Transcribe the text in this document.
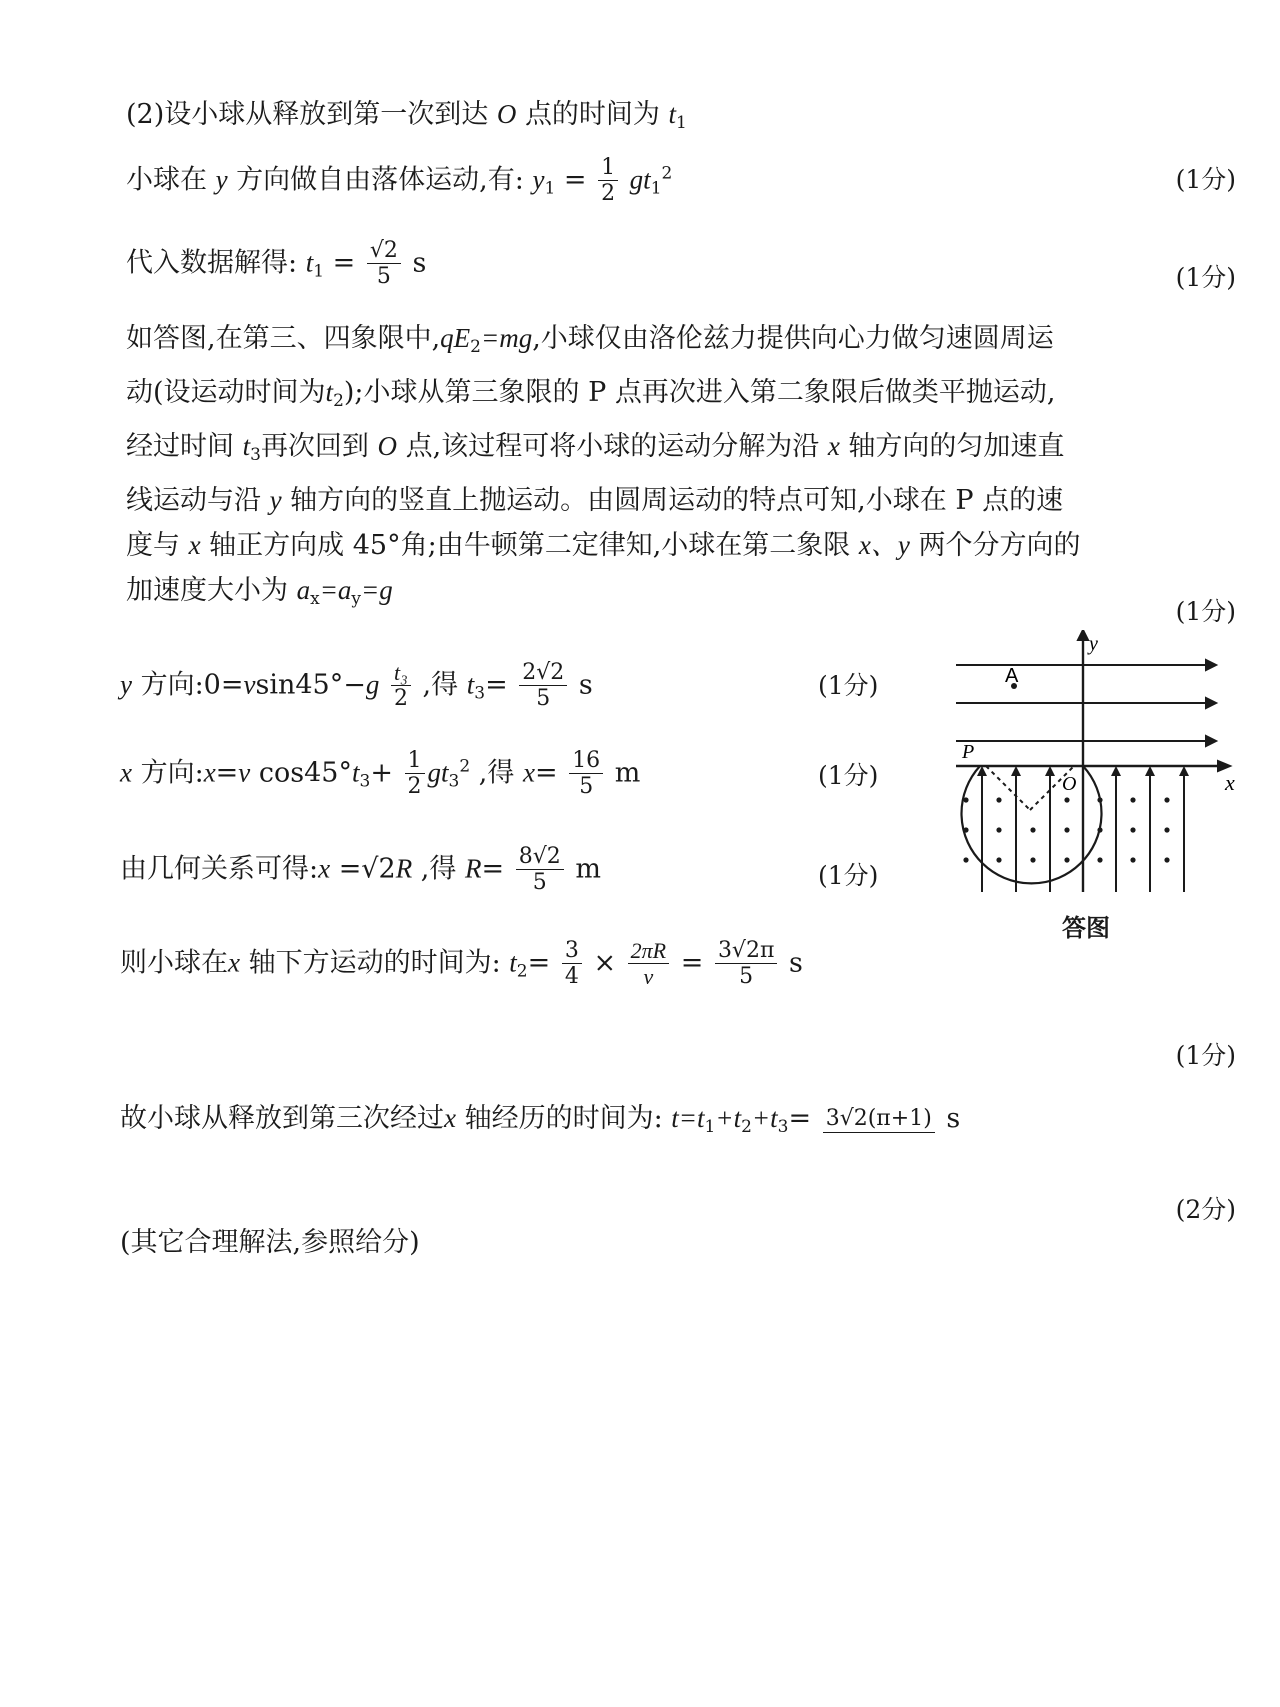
(2)设小球从释放到第一次到达 O 点的时间为 $t_1$
小球在 y 方向做自由落体运动,有: $y_1 = \frac{1}{2} gt_1^2$	(1分)
代入数据解得: $t_1 = \frac{√2}{5}$ s	(1分)
如答图,在第三、四象限中$,qE_2=mg$,小球仅由洛伦兹力提供向心力做匀速圆周运
动(设运动时间为$t_2$);小球从第三象限的 P 点再次进入第二象限后做类平抛运动,
经过时间 $t_3$再次回到 O 点,该过程可将小球的运动分解为沿 x 轴方向的匀加速直
线运动与沿 y 轴方向的竖直上抛运动。由圆周运动的特点可知,小球在 P 点的速
度与 x 轴正方向成 45°角;由牛顿第二定律知,小球在第二象限 x、y 两个分方向的
加速度大小为 $a_x=a_y=g$
(1分)
y 方向:0=vsin45°−g $\frac{\text{t₃}}{2}$ ,得 $t_3= \frac{2√2}{5}$ s	(1分)
x 方向:x=v $\cos 45^\circ t_3+ \frac{1}{2} gt_3^2$ ,得 $x= \frac{16}{5}$ m	(1分)
由几何关系可得:x =√2R ,得 $R= \frac{8√2}{5}$ m	(1分)
则小球在x 轴下方运动的时间为: $t_2= \frac{3}{4} \times \frac{2\pi R}{v} = \frac{3√2\pi}{5}$ s
(1分)
故小球从释放到第三次经过x 轴经历的时间为: $t=t_1+t_2+t_3= 3√2(\pi+1)$ s
(2分)
(其它合理解法,参照给分)
y
x
A
P
O
答图
